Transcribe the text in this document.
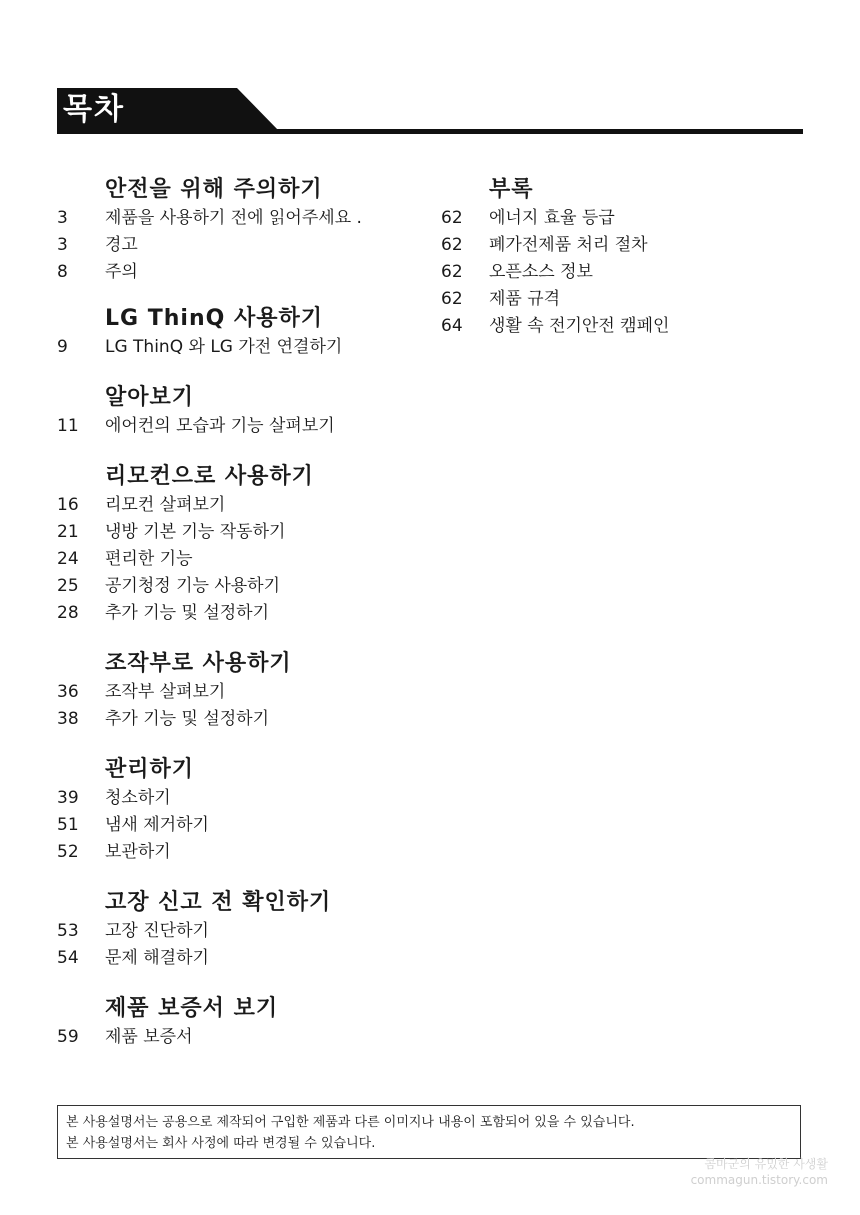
목차
안전을 위해 주의하기
3	제품을 사용하기 전에 읽어주세요 .
3	경고
8	주의
LG ThinQ 사용하기
9	LG ThinQ 와 LG 가전 연결하기
알아보기
11	에어컨의 모습과 기능 살펴보기
리모컨으로 사용하기
16	리모컨 살펴보기
21	냉방 기본 기능 작동하기
24	편리한 기능
25	공기청정 기능 사용하기
28	추가 기능 및 설정하기
조작부로 사용하기
36	조작부 살펴보기
38	추가 기능 및 설정하기
관리하기
39	청소하기
51	냄새 제거하기
52	보관하기
고장 신고 전 확인하기
53	고장 진단하기
54	문제 해결하기
제품 보증서 보기
59	제품 보증서
부록
62	에너지 효율 등급
62	폐가전제품 처리 절차
62	오픈소스 정보
62	제품 규격
64	생활 속 전기안전 캠페인
본 사용설명서는 공용으로 제작되어 구입한 제품과 다른 이미지나 내용이 포함되어 있을 수 있습니다.
본 사용설명서는 회사 사정에 따라 변경될 수 있습니다.
콤마군의 유밌한 사생활
commagun.tistory.com
